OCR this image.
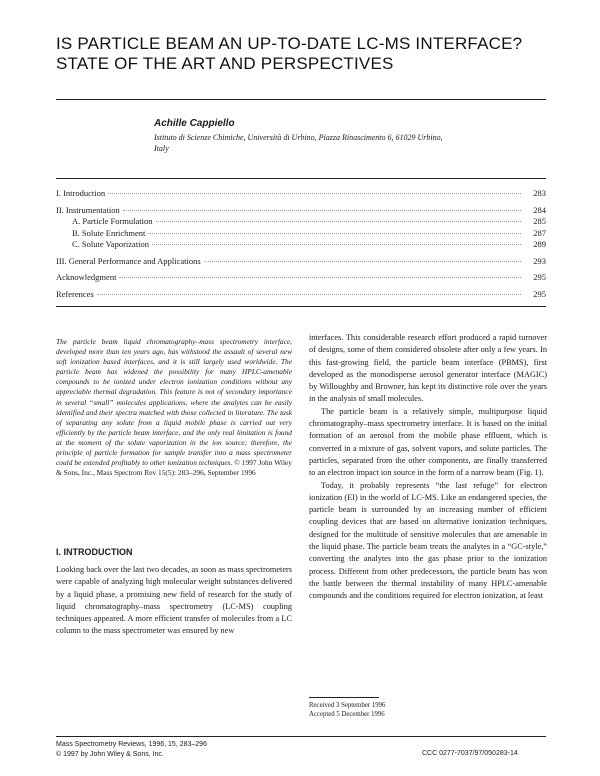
IS PARTICLE BEAM AN UP-TO-DATE LC-MS INTERFACE? STATE OF THE ART AND PERSPECTIVES
Achille Cappiello
Istituto di Scienze Chimiche, Università di Urbino, Piazza Rinascimento 6, 61029 Urbino, Italy
I. Introduction	283
II. Instrumentation	284
A. Particle Formulation	285
B. Solute Enrichment	287
C. Solute Vaporization	289
III. General Performance and Applications	293
Acknowledgment	295
References	295
The particle beam liquid chromatography–mass spectrometry interface, developed more than ten years ago, has withstood the assault of several new soft ionization based interfaces, and it is still largely used worldwide. The particle beam has widened the possibility for many HPLC-amenable compounds to be ionized under electron ionization conditions without any appreciable thermal degradation. This feature is not of secondary importance in several “small” molecules applications, where the analytes can be easily identified and their spectra matched with those collected in literature. The task of separating any solute from a liquid mobile phase is carried out very efficiently by the particle beam interface, and the only real limitation is found at the moment of the solute vaporization in the ion source; therefore, the principle of particle formation for sample transfer into a mass spectrometer could be extended profitably to other ionization techniques. © 1997 John Wiley & Sons, Inc., Mass Spectrom Rev 15(5): 283–296, September 1996
I. INTRODUCTION

Looking back over the last two decades, as soon as mass spectrometers were capable of analyzing high molecular weight substances delivered by a liquid phase, a promising new field of research for the study of liquid chromatography–mass spectrometry (LC-MS) coupling techniques appeared. A more efficient transfer of molecules from a LC column to the mass spectrometer was ensured by new

interfaces. This considerable research effort produced a rapid turnover of designs, some of them considered obsolete after only a few years. In this fast-growing field, the particle beam interface (PBMS), first developed as the monodisperse aerosol generator interface (MAGIC) by Willoughby and Browner, has kept its distinctive role over the years in the analysis of small molecules.

The particle beam is a relatively simple, multipurpose liquid chromatography–mass spectrometry interface. It is based on the initial formation of an aerosol from the mobile phase effluent, which is converted in a mixture of gas, solvent vapors, and solute particles. The particles, separated from the other components, are finally transferred to an electron impact ion source in the form of a narrow beam (Fig. 1).

Today, it probably represents “the last refuge” for electron ionization (EI) in the world of LC-MS. Like an endangered species, the particle beam is surrounded by an increasing number of efficient coupling devices that are based on alternative ionization techniques, designed for the multitude of sensitive molecules that are amenable in the liquid phase. The particle beam treats the analytes in a “GC-style,” converting the analytes into the gas phase prior to the ionization process. Different from other predecessors, the particle beam has won the battle between the thermal instability of many HPLC-amenable compounds and the conditions required for electron ionization, at least

Received 3 September 1996
Accepted 5 December 1996
Mass Spectrometry Reviews, 1996, 15, 283–296
© 1997 by John Wiley & Sons, Inc.	CCC 0277-7037/97/050283-14
